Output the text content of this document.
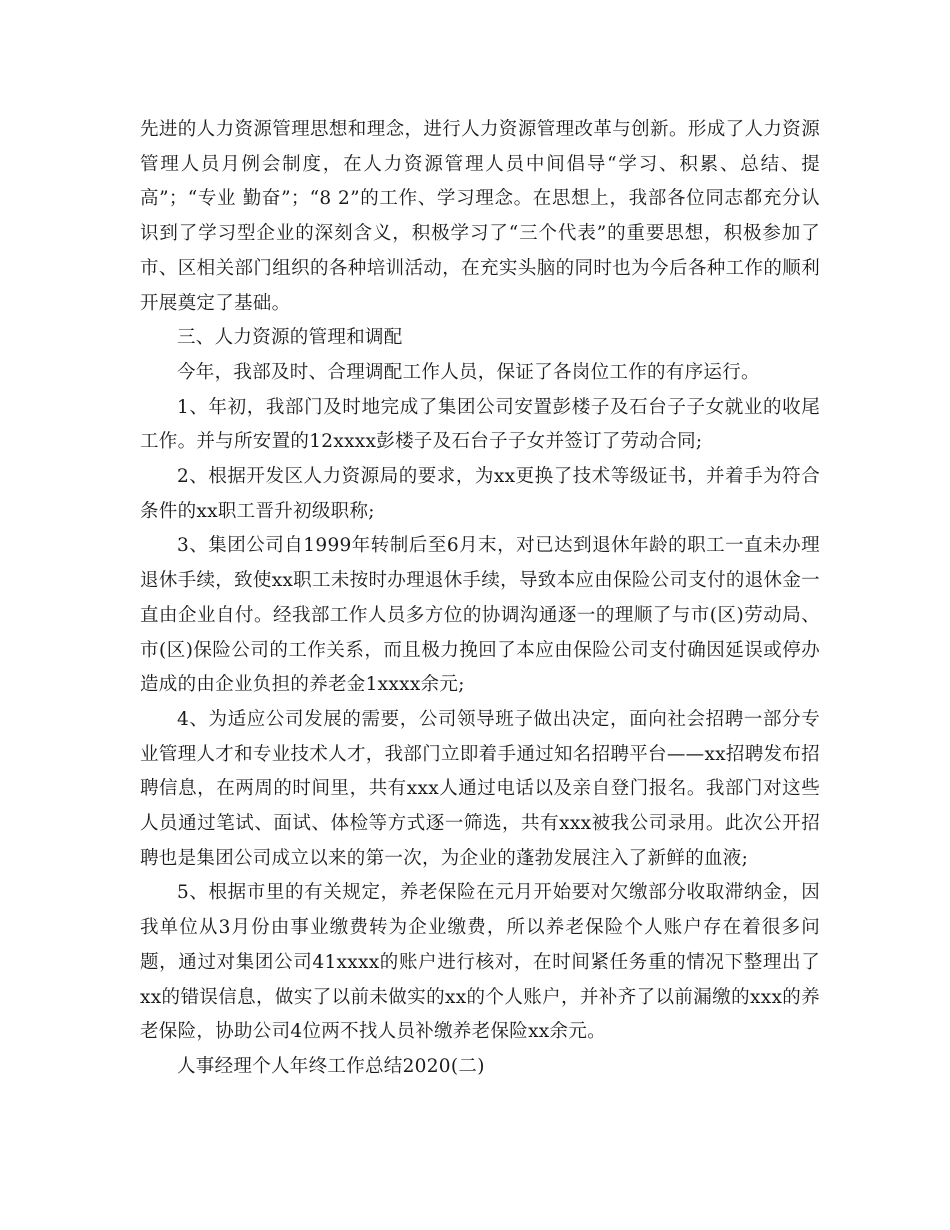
先进的人力资源管理思想和理念，进行人力资源管理改革与创新。形成了人力资源管理人员月例会制度，在人力资源管理人员中间倡导“学习、积累、总结、提高”；“专业 勤奋”；“8 2”的工作、学习理念。在思想上，我部各位同志都充分认识到了学习型企业的深刻含义，积极学习了“三个代表”的重要思想，积极参加了市、区相关部门组织的各种培训活动，在充实头脑的同时也为今后各种工作的顺利开展奠定了基础。

三、人力资源的管理和调配

今年，我部及时、合理调配工作人员，保证了各岗位工作的有序运行。

1、年初，我部门及时地完成了集团公司安置彭楼子及石台子子女就业的收尾工作。并与所安置的12xxxx彭楼子及石台子子女并签订了劳动合同;

2、根据开发区人力资源局的要求，为xx更换了技术等级证书，并着手为符合条件的xx职工晋升初级职称;

3、集团公司自1999年转制后至6月末，对已达到退休年龄的职工一直未办理退休手续，致使xx职工未按时办理退休手续，导致本应由保险公司支付的退休金一直由企业自付。经我部工作人员多方位的协调沟通逐一的理顺了与市(区)劳动局、市(区)保险公司的工作关系，而且极力挽回了本应由保险公司支付确因延误或停办造成的由企业负担的养老金1xxxx余元;

4、为适应公司发展的需要，公司领导班子做出决定，面向社会招聘一部分专业管理人才和专业技术人才，我部门立即着手通过知名招聘平台——xx招聘发布招聘信息，在两周的时间里，共有xxx人通过电话以及亲自登门报名。我部门对这些人员通过笔试、面试、体检等方式逐一筛选，共有xxx被我公司录用。此次公开招聘也是集团公司成立以来的第一次，为企业的蓬勃发展注入了新鲜的血液;

5、根据市里的有关规定，养老保险在元月开始要对欠缴部分收取滞纳金，因我单位从3月份由事业缴费转为企业缴费，所以养老保险个人账户存在着很多问题，通过对集团公司41xxxx的账户进行核对，在时间紧任务重的情况下整理出了xx的错误信息，做实了以前未做实的xx的个人账户，并补齐了以前漏缴的xxx的养老保险，协助公司4位两不找人员补缴养老保险xx余元。

人事经理个人年终工作总结2020(二)
